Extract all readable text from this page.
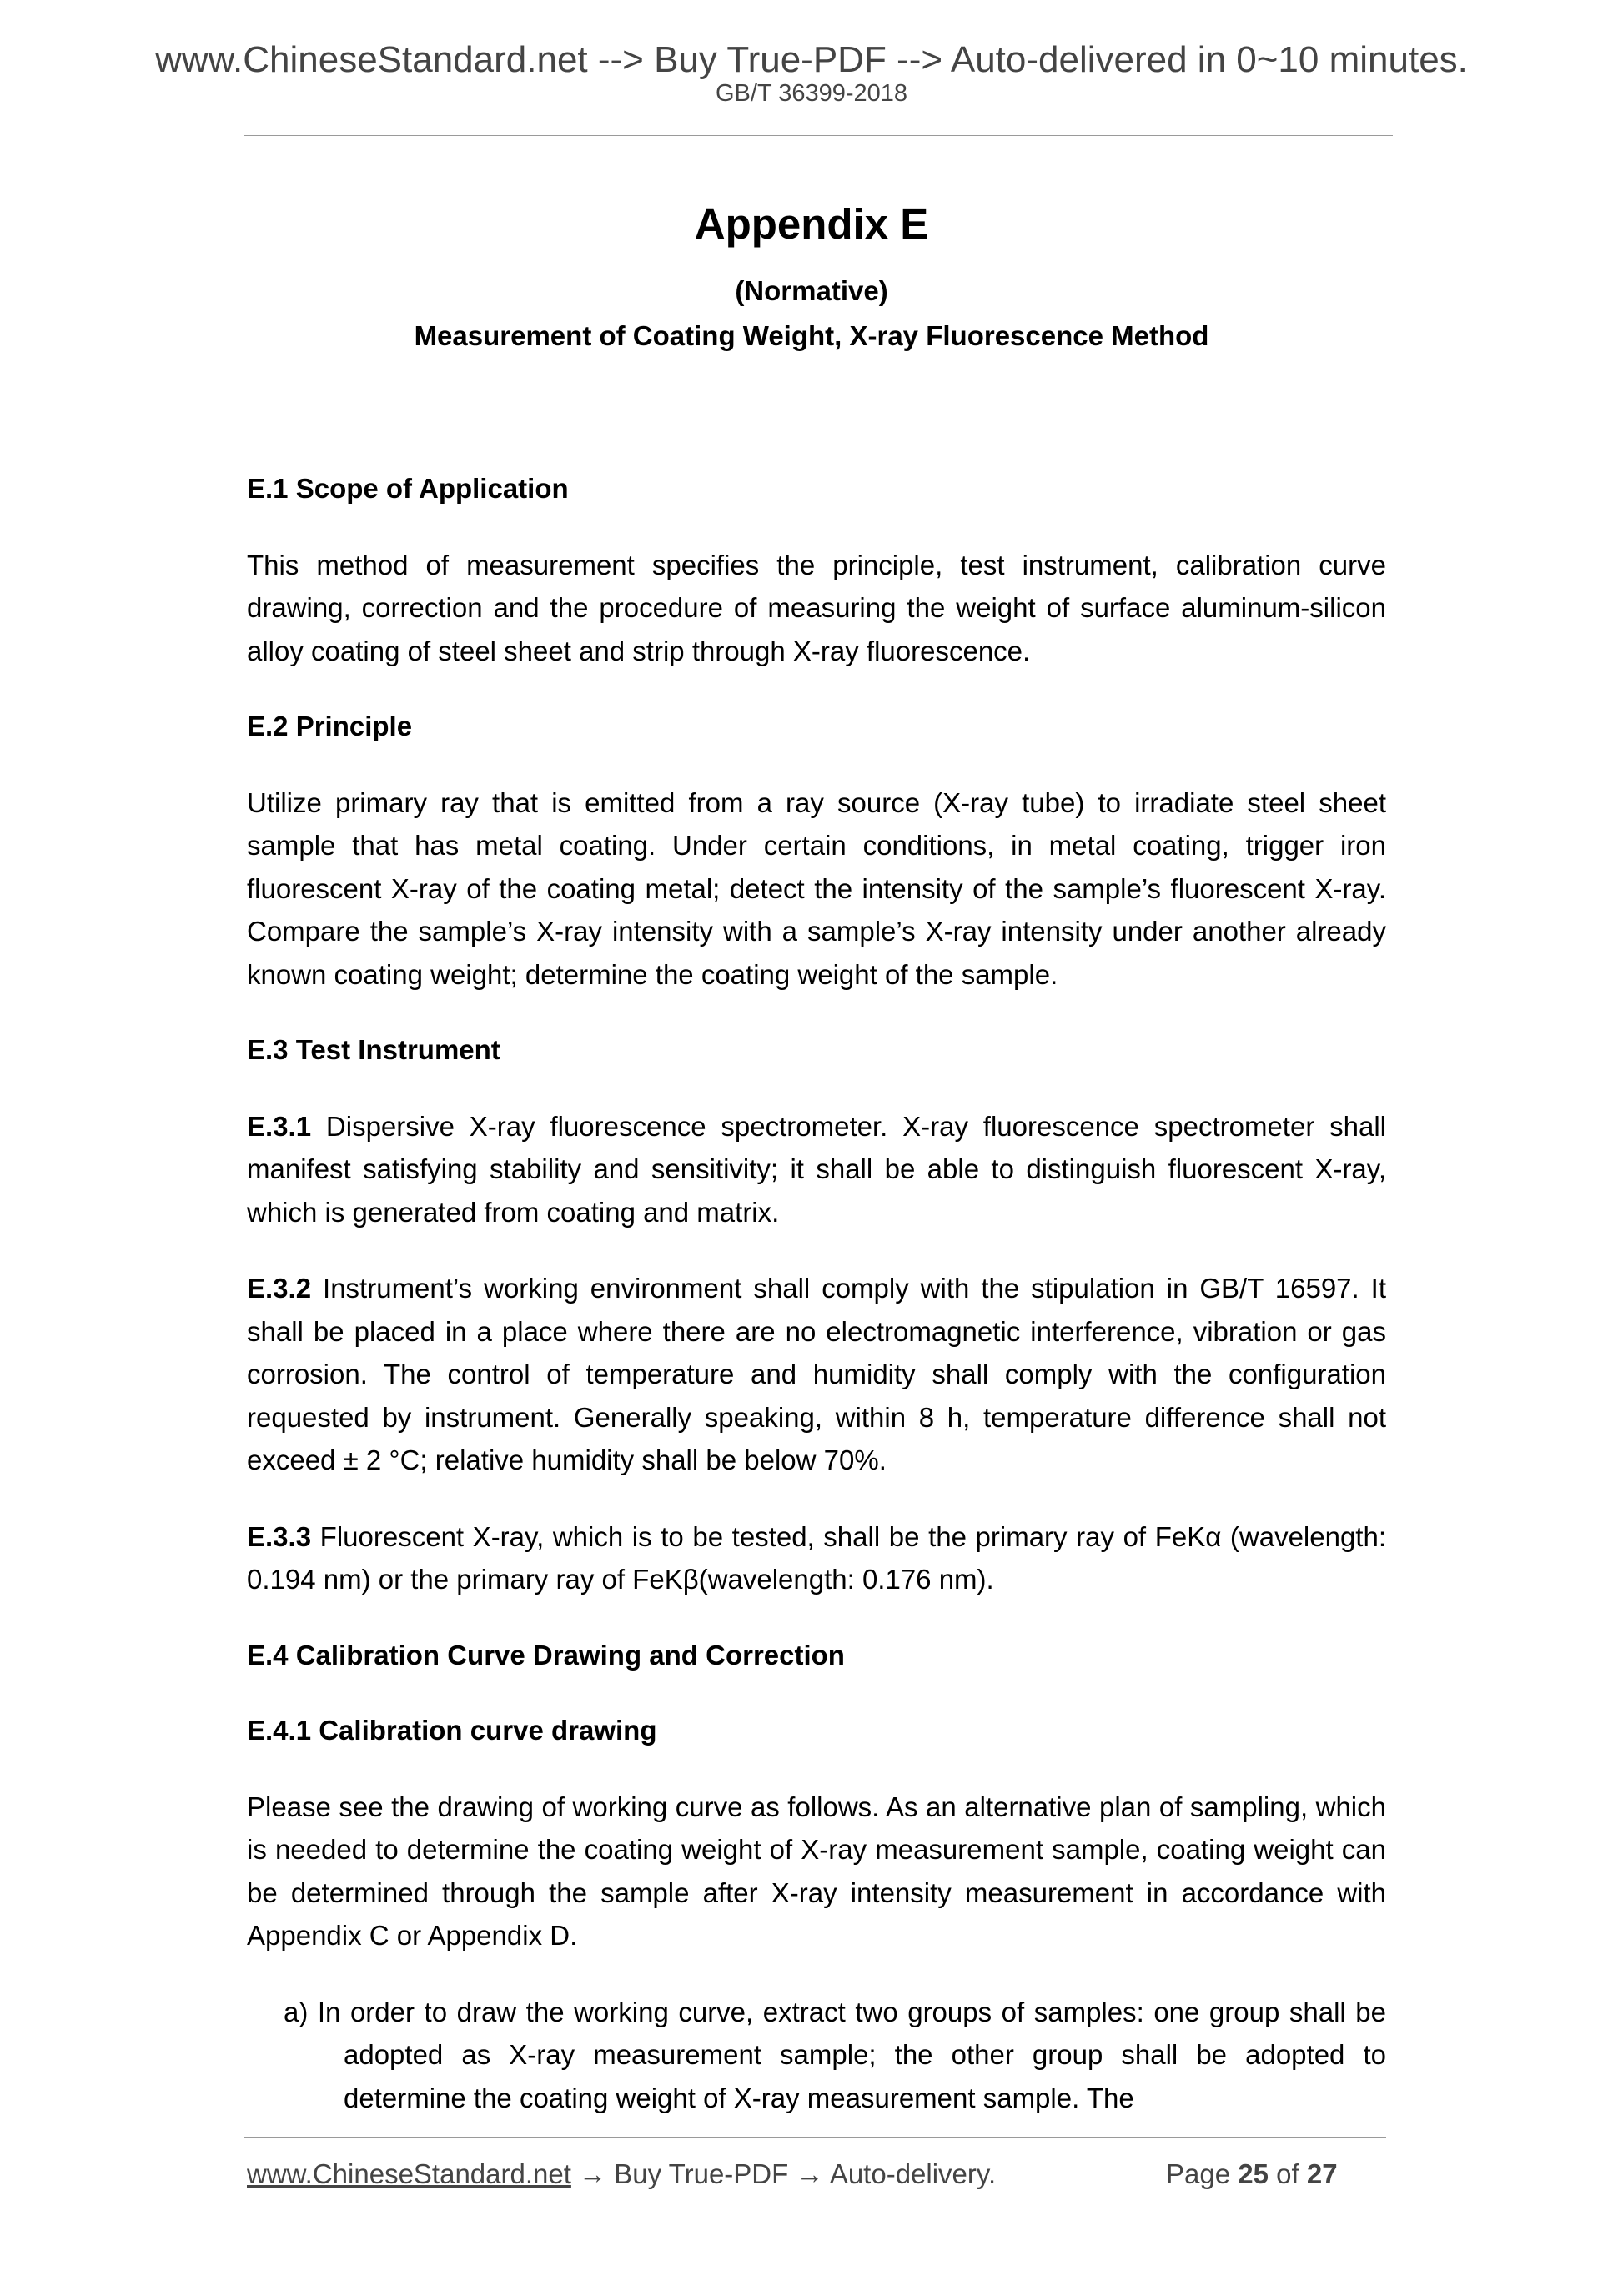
www.ChineseStandard.net --> Buy True-PDF --> Auto-delivered in 0~10 minutes.
GB/T 36399-2018
Appendix E
(Normative)
Measurement of Coating Weight, X-ray Fluorescence Method

E.1 Scope of Application

This method of measurement specifies the principle, test instrument, calibration curve drawing, correction and the procedure of measuring the weight of surface aluminum-silicon alloy coating of steel sheet and strip through X-ray fluorescence.

E.2 Principle

Utilize primary ray that is emitted from a ray source (X-ray tube) to irradiate steel sheet sample that has metal coating. Under certain conditions, in metal coating, trigger iron fluorescent X-ray of the coating metal; detect the intensity of the sample’s fluorescent X-ray. Compare the sample’s X-ray intensity with a sample’s X-ray intensity under another already known coating weight; determine the coating weight of the sample.

E.3 Test Instrument

E.3.1 Dispersive X-ray fluorescence spectrometer. X-ray fluorescence spectrometer shall manifest satisfying stability and sensitivity; it shall be able to distinguish fluorescent X-ray, which is generated from coating and matrix.

E.3.2 Instrument’s working environment shall comply with the stipulation in GB/T 16597. It shall be placed in a place where there are no electromagnetic interference, vibration or gas corrosion. The control of temperature and humidity shall comply with the configuration requested by instrument. Generally speaking, within 8 h, temperature difference shall not exceed ± 2 °C; relative humidity shall be below 70%.

E.3.3 Fluorescent X-ray, which is to be tested, shall be the primary ray of FeKα (wavelength: 0.194 nm) or the primary ray of FeKβ(wavelength: 0.176 nm).

E.4 Calibration Curve Drawing and Correction

E.4.1 Calibration curve drawing

Please see the drawing of working curve as follows. As an alternative plan of sampling, which is needed to determine the coating weight of X-ray measurement sample, coating weight can be determined through the sample after X-ray intensity measurement in accordance with Appendix C or Appendix D.

a) In order to draw the working curve, extract two groups of samples: one group shall be adopted as X-ray measurement sample; the other group shall be adopted to determine the coating weight of X-ray measurement sample. The

www.ChineseStandard.net → Buy True-PDF → Auto-delivery.	Page 25 of 27
